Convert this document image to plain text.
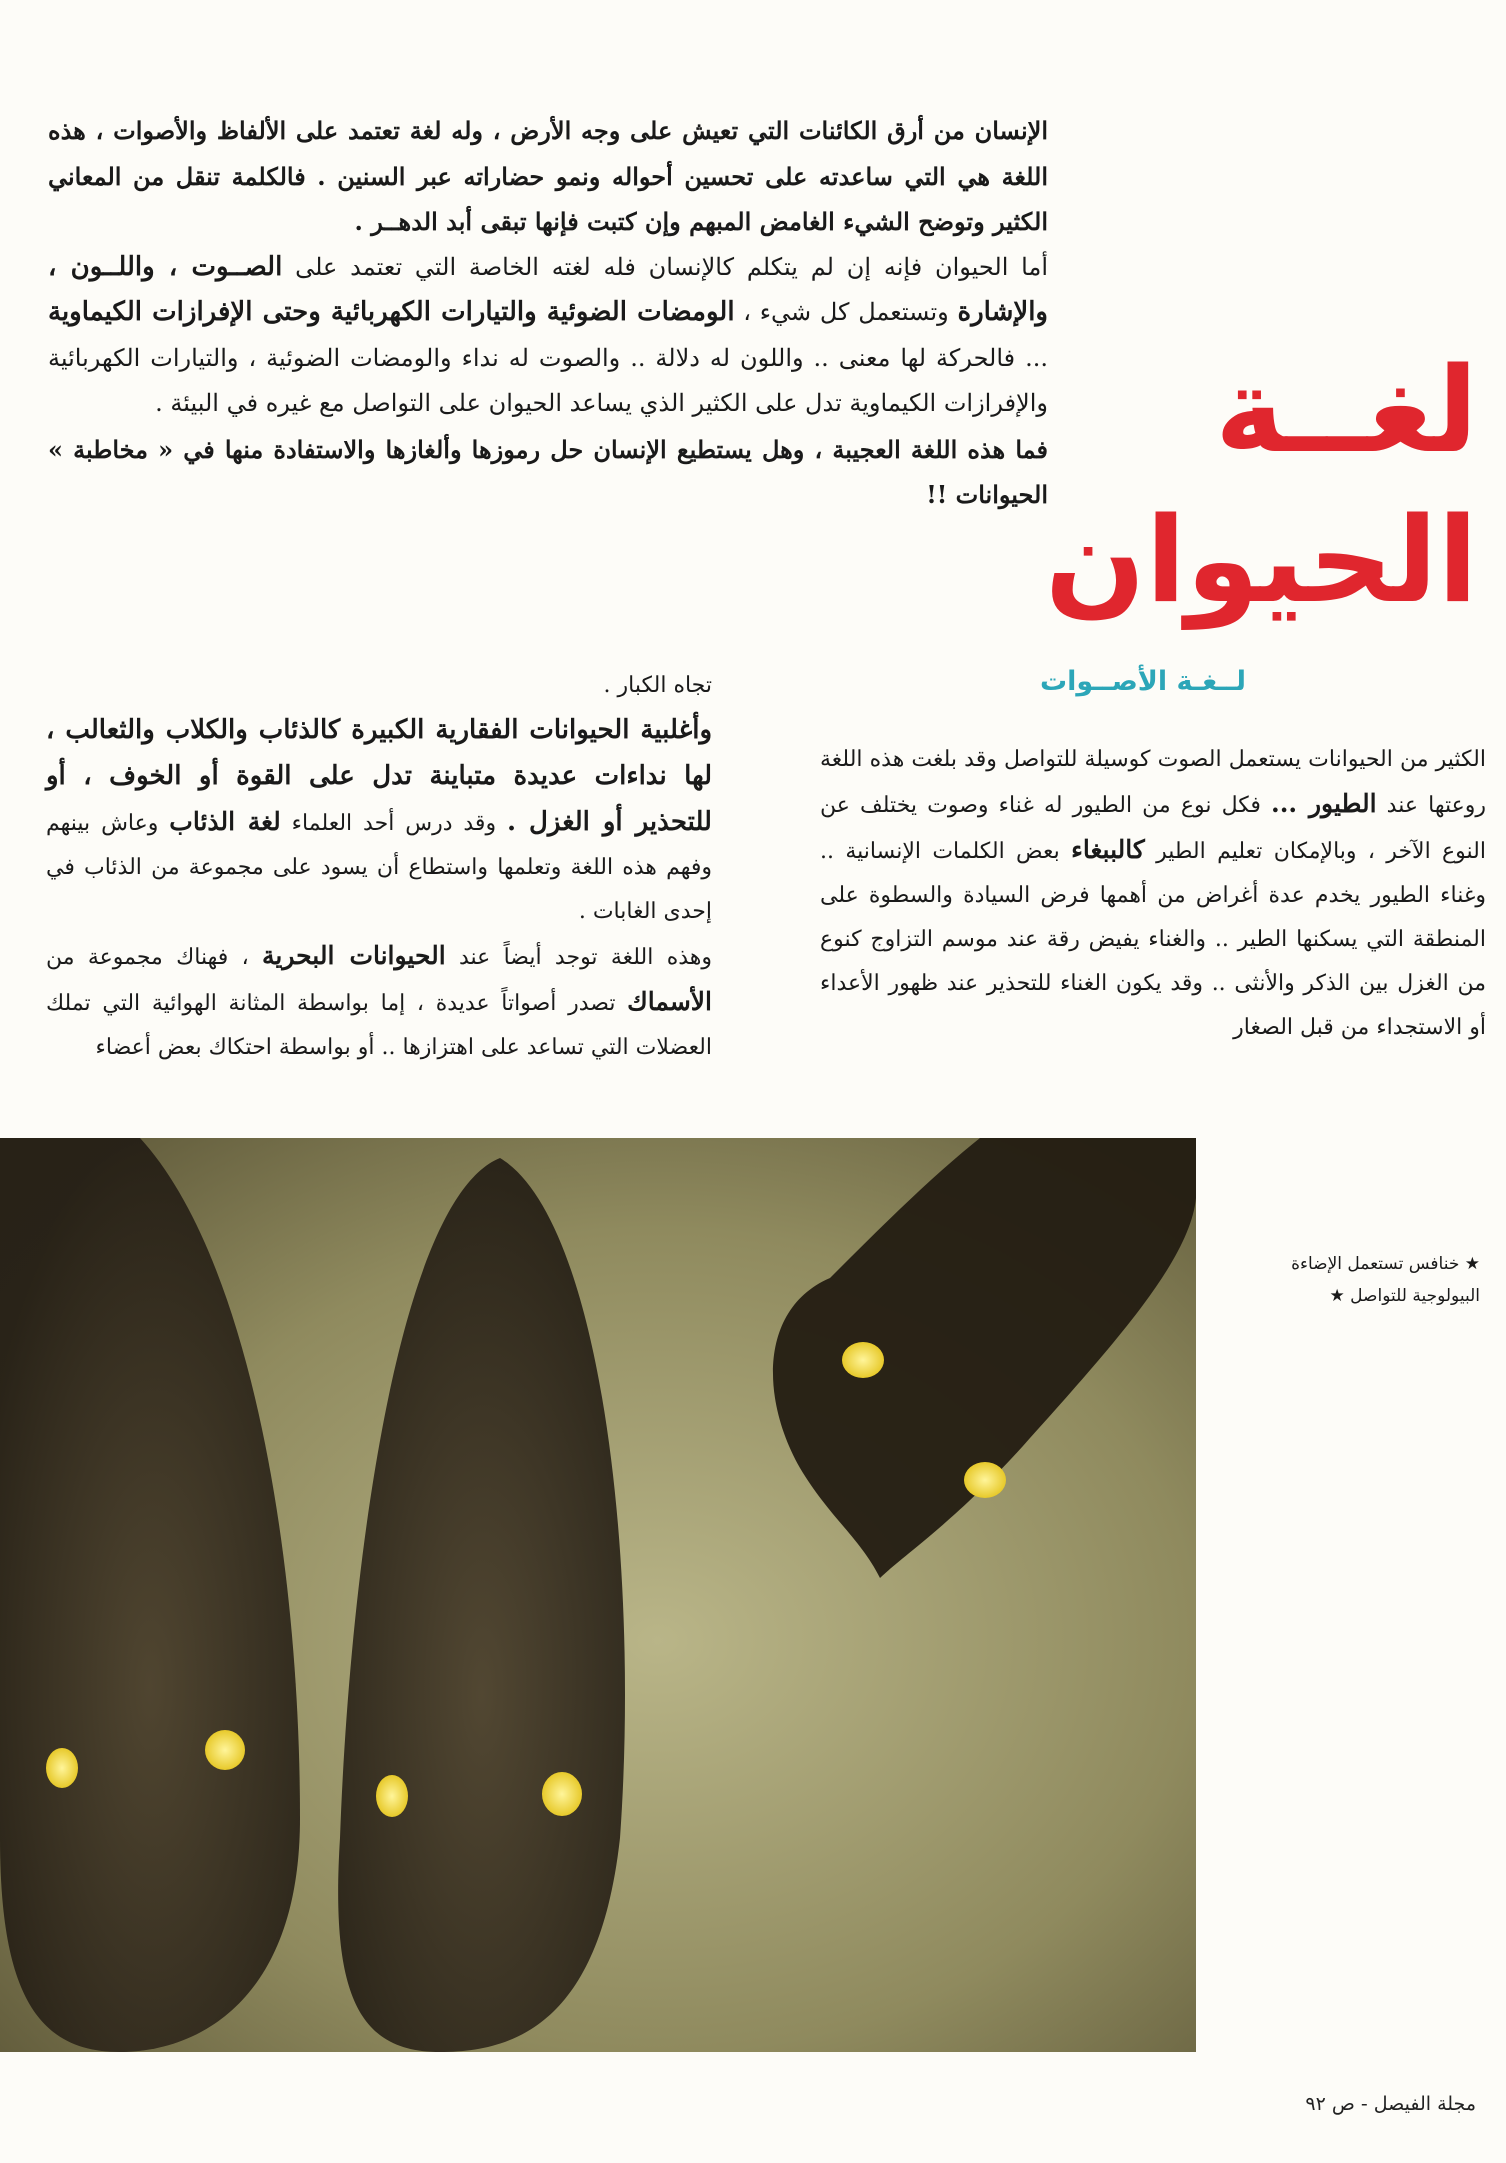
لغــة
الحيوان

الإنسان من أرق الكائنات التي تعيش على وجه الأرض ، وله لغة تعتمد على الألفاظ والأصوات ، هذه اللغة هي التي ساعدته على تحسين أحواله ونمو حضاراته عبر السنين . فالكلمة تنقل من المعاني الكثير وتوضح الشيء الغامض المبهم وإن كتبت فإنها تبقى أبد الدهــر .

أما الحيوان فإنه إن لم يتكلم كالإنسان فله لغته الخاصة التي تعتمد على الصــوت ، واللــون ، والإشارة وتستعمل كل شيء ، الومضات الضوئية والتيارات الكهربائية وحتى الإفرازات الكيماوية ... فالحركة لها معنى .. واللون له دلالة .. والصوت له نداء والومضات الضوئية ، والتيارات الكهربائية والإفرازات الكيماوية تدل على الكثير الذي يساعد الحيوان على التواصل مع غيره في البيئة .

فما هذه اللغة العجيبة ، وهل يستطيع الإنسان حل رموزها وألغازها والاستفادة منها في « مخاطبة » الحيوانات !!

لــغـة الأصــوات

الكثير من الحيوانات يستعمل الصوت كوسيلة للتواصل وقد بلغت هذه اللغة روعتها عند الطيور ... فكل نوع من الطيور له غناء وصوت يختلف عن النوع الآخر ، وبالإمكان تعليم الطير كالببغاء بعض الكلمات الإنسانية .. وغناء الطيور يخدم عدة أغراض من أهمها فرض السيادة والسطوة على المنطقة التي يسكنها الطير .. والغناء يفيض رقة عند موسم التزاوج كنوع من الغزل بين الذكر والأنثى .. وقد يكون الغناء للتحذير عند ظهور الأعداء أو الاستجداء من قبل الصغار

تجاه الكبار .

وأغلبية الحيوانات الفقارية الكبيرة كالذئاب والكلاب والثعالب ، لها نداءات عديدة متباينة تدل على القوة أو الخوف ، أو للتحذير أو الغزل . وقد درس أحد العلماء لغة الذئاب وعاش بينهم وفهم هذه اللغة وتعلمها واستطاع أن يسود على مجموعة من الذئاب في إحدى الغابات .

وهذه اللغة توجد أيضاً عند الحيوانات البحرية ، فهناك مجموعة من الأسماك تصدر أصواتاً عديدة ، إما بواسطة المثانة الهوائية التي تملك العضلات التي تساعد على اهتزازها .. أو بواسطة احتكاك بعض أعضاء

★ خنافس تستعمل الإضاءة البيولوجية للتواصل ★
مجلة الفيصل - ص ٩٢
